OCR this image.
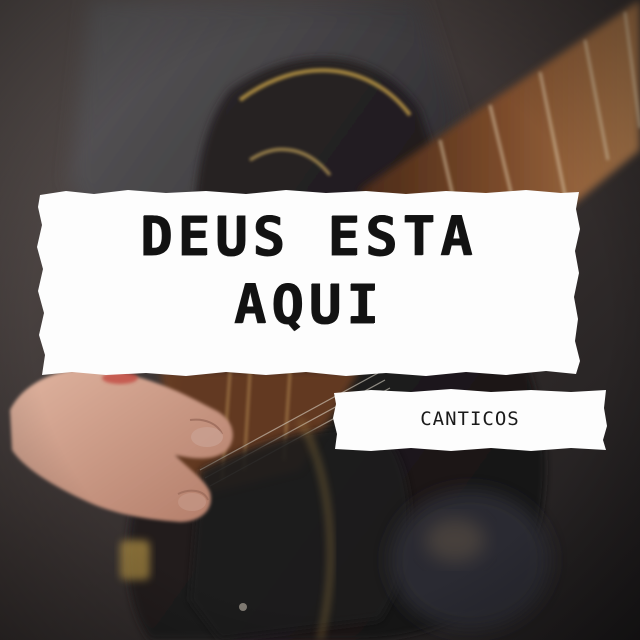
DEUS ESTA
AQUI

CANTICOS
